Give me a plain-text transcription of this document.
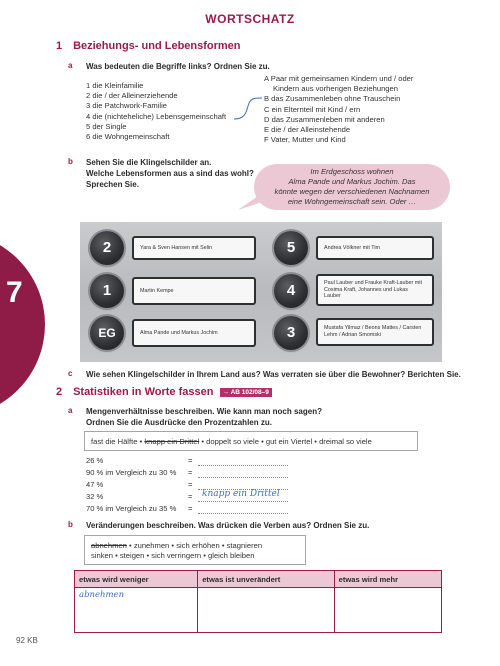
WORTSCHATZ
7
1 Beziehungs- und Lebensformen
a Was bedeuten die Begriffe links? Ordnen Sie zu.
1 die Kleinfamilie
2 die / der Alleinerziehende
3 die Patchwork-Familie
4 die (nichteheliche) Lebensgemeinschaft
5 der Single
6 die Wohngemeinschaft
A Paar mit gemeinsamen Kindern und / oder
Kindern aus vorherigen Beziehungen
B das Zusammenleben ohne Trauschein
C ein Elternteil mit Kind / ern
D das Zusammenleben mit anderen
E die / der Alleinstehende
F Vater, Mutter und Kind
b Sehen Sie die Klingelschilder an.
Welche Lebensformen aus a sind das wohl?
Sprechen Sie.
Im Erdgeschoss wohnen
Alma Pande und Markus Jochim. Das
könnte wegen der verschiedenen Nachnamen
eine Wohngemeinschaft sein. Oder …
2	Yara & Sven Hansen mit Selin
1	Martin Kempe
EG	Alma Pande und Markus Jochim
5	Andrea Völkner mit Tim
4	Paul Lauber und Frauke Kraft-Lauber mit Cosima Kraft, Johannes und Lukas Lauber
3	Mustafa Yilmaz / Beons Mattes / Carsten Lehm / Adrian Smomski
c Wie sehen Klingelschilder in Ihrem Land aus? Was verraten sie über die Bewohner? Berichten Sie.
2 Statistiken in Worte fassen → AB 102/08–9
a Mengenverhältnisse beschreiben. Wie kann man noch sagen?
Ordnen Sie die Ausdrücke den Prozentzahlen zu.
fast die Hälfte • knapp ein Drittel • doppelt so viele • gut ein Viertel • dreimal so viele
26 %	=
90 % im Vergleich zu 30 % =
47 %	=
32 %	= knapp ein Drittel
70 % im Vergleich zu 35 % =
b Veränderungen beschreiben. Was drücken die Verben aus? Ordnen Sie zu.
abnehmen • zunehmen • sich erhöhen • stagnieren
sinken • steigen • sich verringern • gleich bleiben
etwas wird weniger	etwas ist unverändert	etwas wird mehr
abnehmen		
92 KB
